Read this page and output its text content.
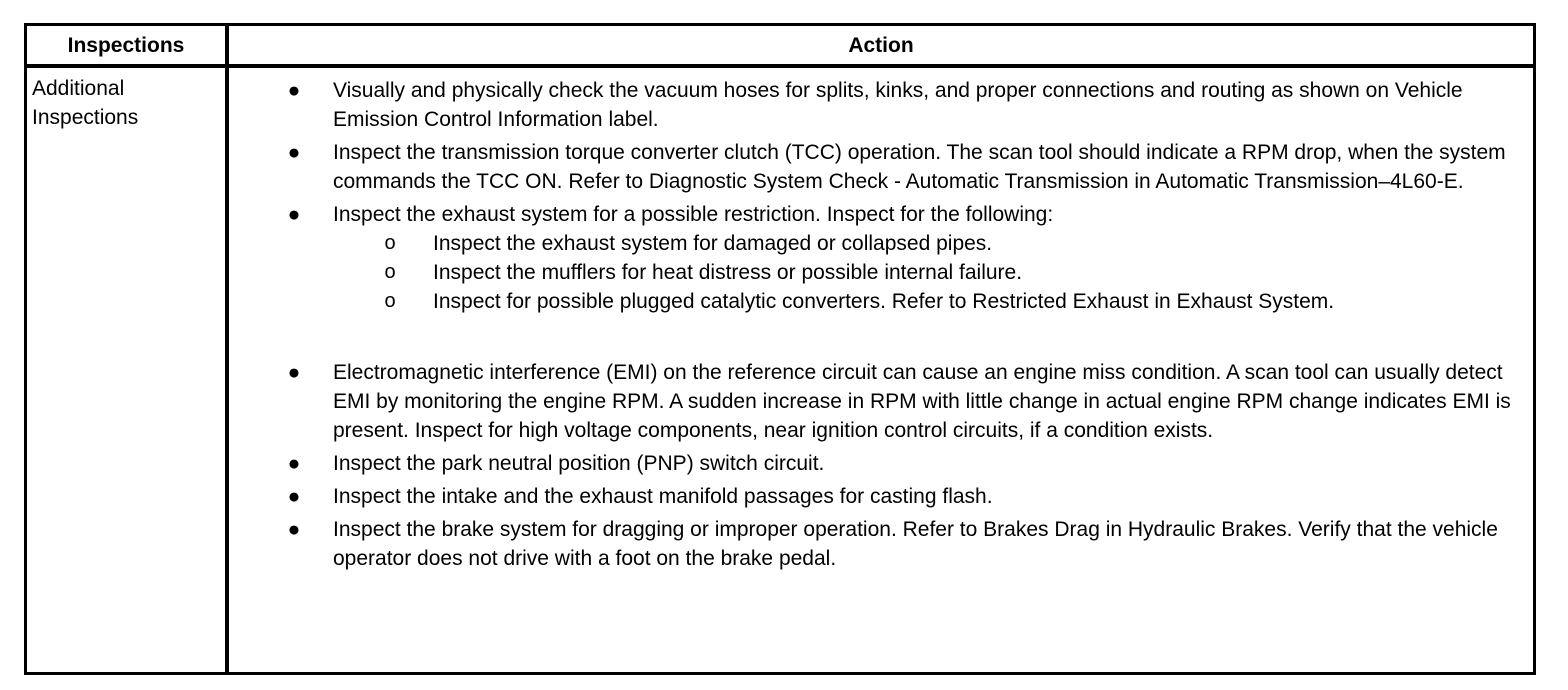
Inspections	Action
Additional Inspections
● Visually and physically check the vacuum hoses for splits, kinks, and proper connections and routing as shown on Vehicle Emission Control Information label.
● Inspect the transmission torque converter clutch (TCC) operation. The scan tool should indicate a RPM drop, when the system commands the TCC ON. Refer to Diagnostic System Check - Automatic Transmission in Automatic Transmission–4L60-E.
● Inspect the exhaust system for a possible restriction. Inspect for the following:
o Inspect the exhaust system for damaged or collapsed pipes.
o Inspect the mufflers for heat distress or possible internal failure.
o Inspect for possible plugged catalytic converters. Refer to Restricted Exhaust in Exhaust System.
● Electromagnetic interference (EMI) on the reference circuit can cause an engine miss condition. A scan tool can usually detect EMI by monitoring the engine RPM. A sudden increase in RPM with little change in actual engine RPM change indicates EMI is present. Inspect for high voltage components, near ignition control circuits, if a condition exists.
● Inspect the park neutral position (PNP) switch circuit.
● Inspect the intake and the exhaust manifold passages for casting flash.
● Inspect the brake system for dragging or improper operation. Refer to Brakes Drag in Hydraulic Brakes. Verify that the vehicle operator does not drive with a foot on the brake pedal.
